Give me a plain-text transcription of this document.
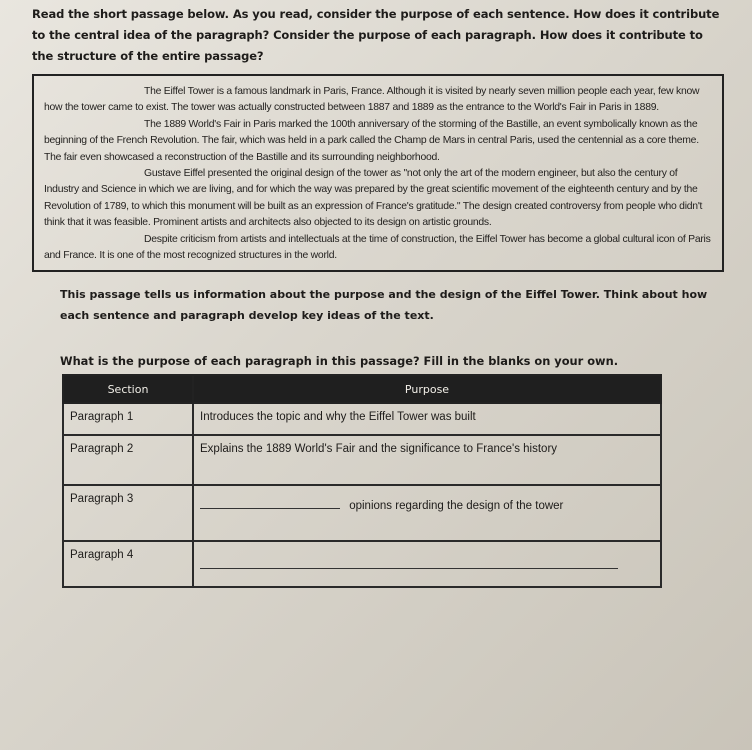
Read the short passage below. As you read, consider the purpose of each sentence. How does it contribute to the central idea of the paragraph? Consider the purpose of each paragraph. How does it contribute to the structure of the entire passage?

The Eiffel Tower is a famous landmark in Paris, France. Although it is visited by nearly seven million people each year, few know how the tower came to exist. The tower was actually constructed between 1887 and 1889 as the entrance to the World's Fair in Paris in 1889.

The 1889 World's Fair in Paris marked the 100th anniversary of the storming of the Bastille, an event symbolically known as the beginning of the French Revolution. The fair, which was held in a park called the Champ de Mars in central Paris, used the centennial as a core theme. The fair even showcased a reconstruction of the Bastille and its surrounding neighborhood.

Gustave Eiffel presented the original design of the tower as "not only the art of the modern engineer, but also the century of Industry and Science in which we are living, and for which the way was prepared by the great scientific movement of the eighteenth century and by the Revolution of 1789, to which this monument will be built as an expression of France's gratitude." The design created controversy from people who didn't think that it was feasible. Prominent artists and architects also objected to its design on artistic grounds.

Despite criticism from artists and intellectuals at the time of construction, the Eiffel Tower has become a global cultural icon of Paris and France. It is one of the most recognized structures in the world.

This passage tells us information about the purpose and the design of the Eiffel Tower. Think about how each sentence and paragraph develop key ideas of the text.
What is the purpose of each paragraph in this passage? Fill in the blanks on your own.
Section	Purpose
Paragraph 1	Introduces the topic and why the Eiffel Tower was built
Paragraph 2	Explains the 1889 World's Fair and the significance to France's history
Paragraph 3	opinions regarding the design of the tower
Paragraph 4	
